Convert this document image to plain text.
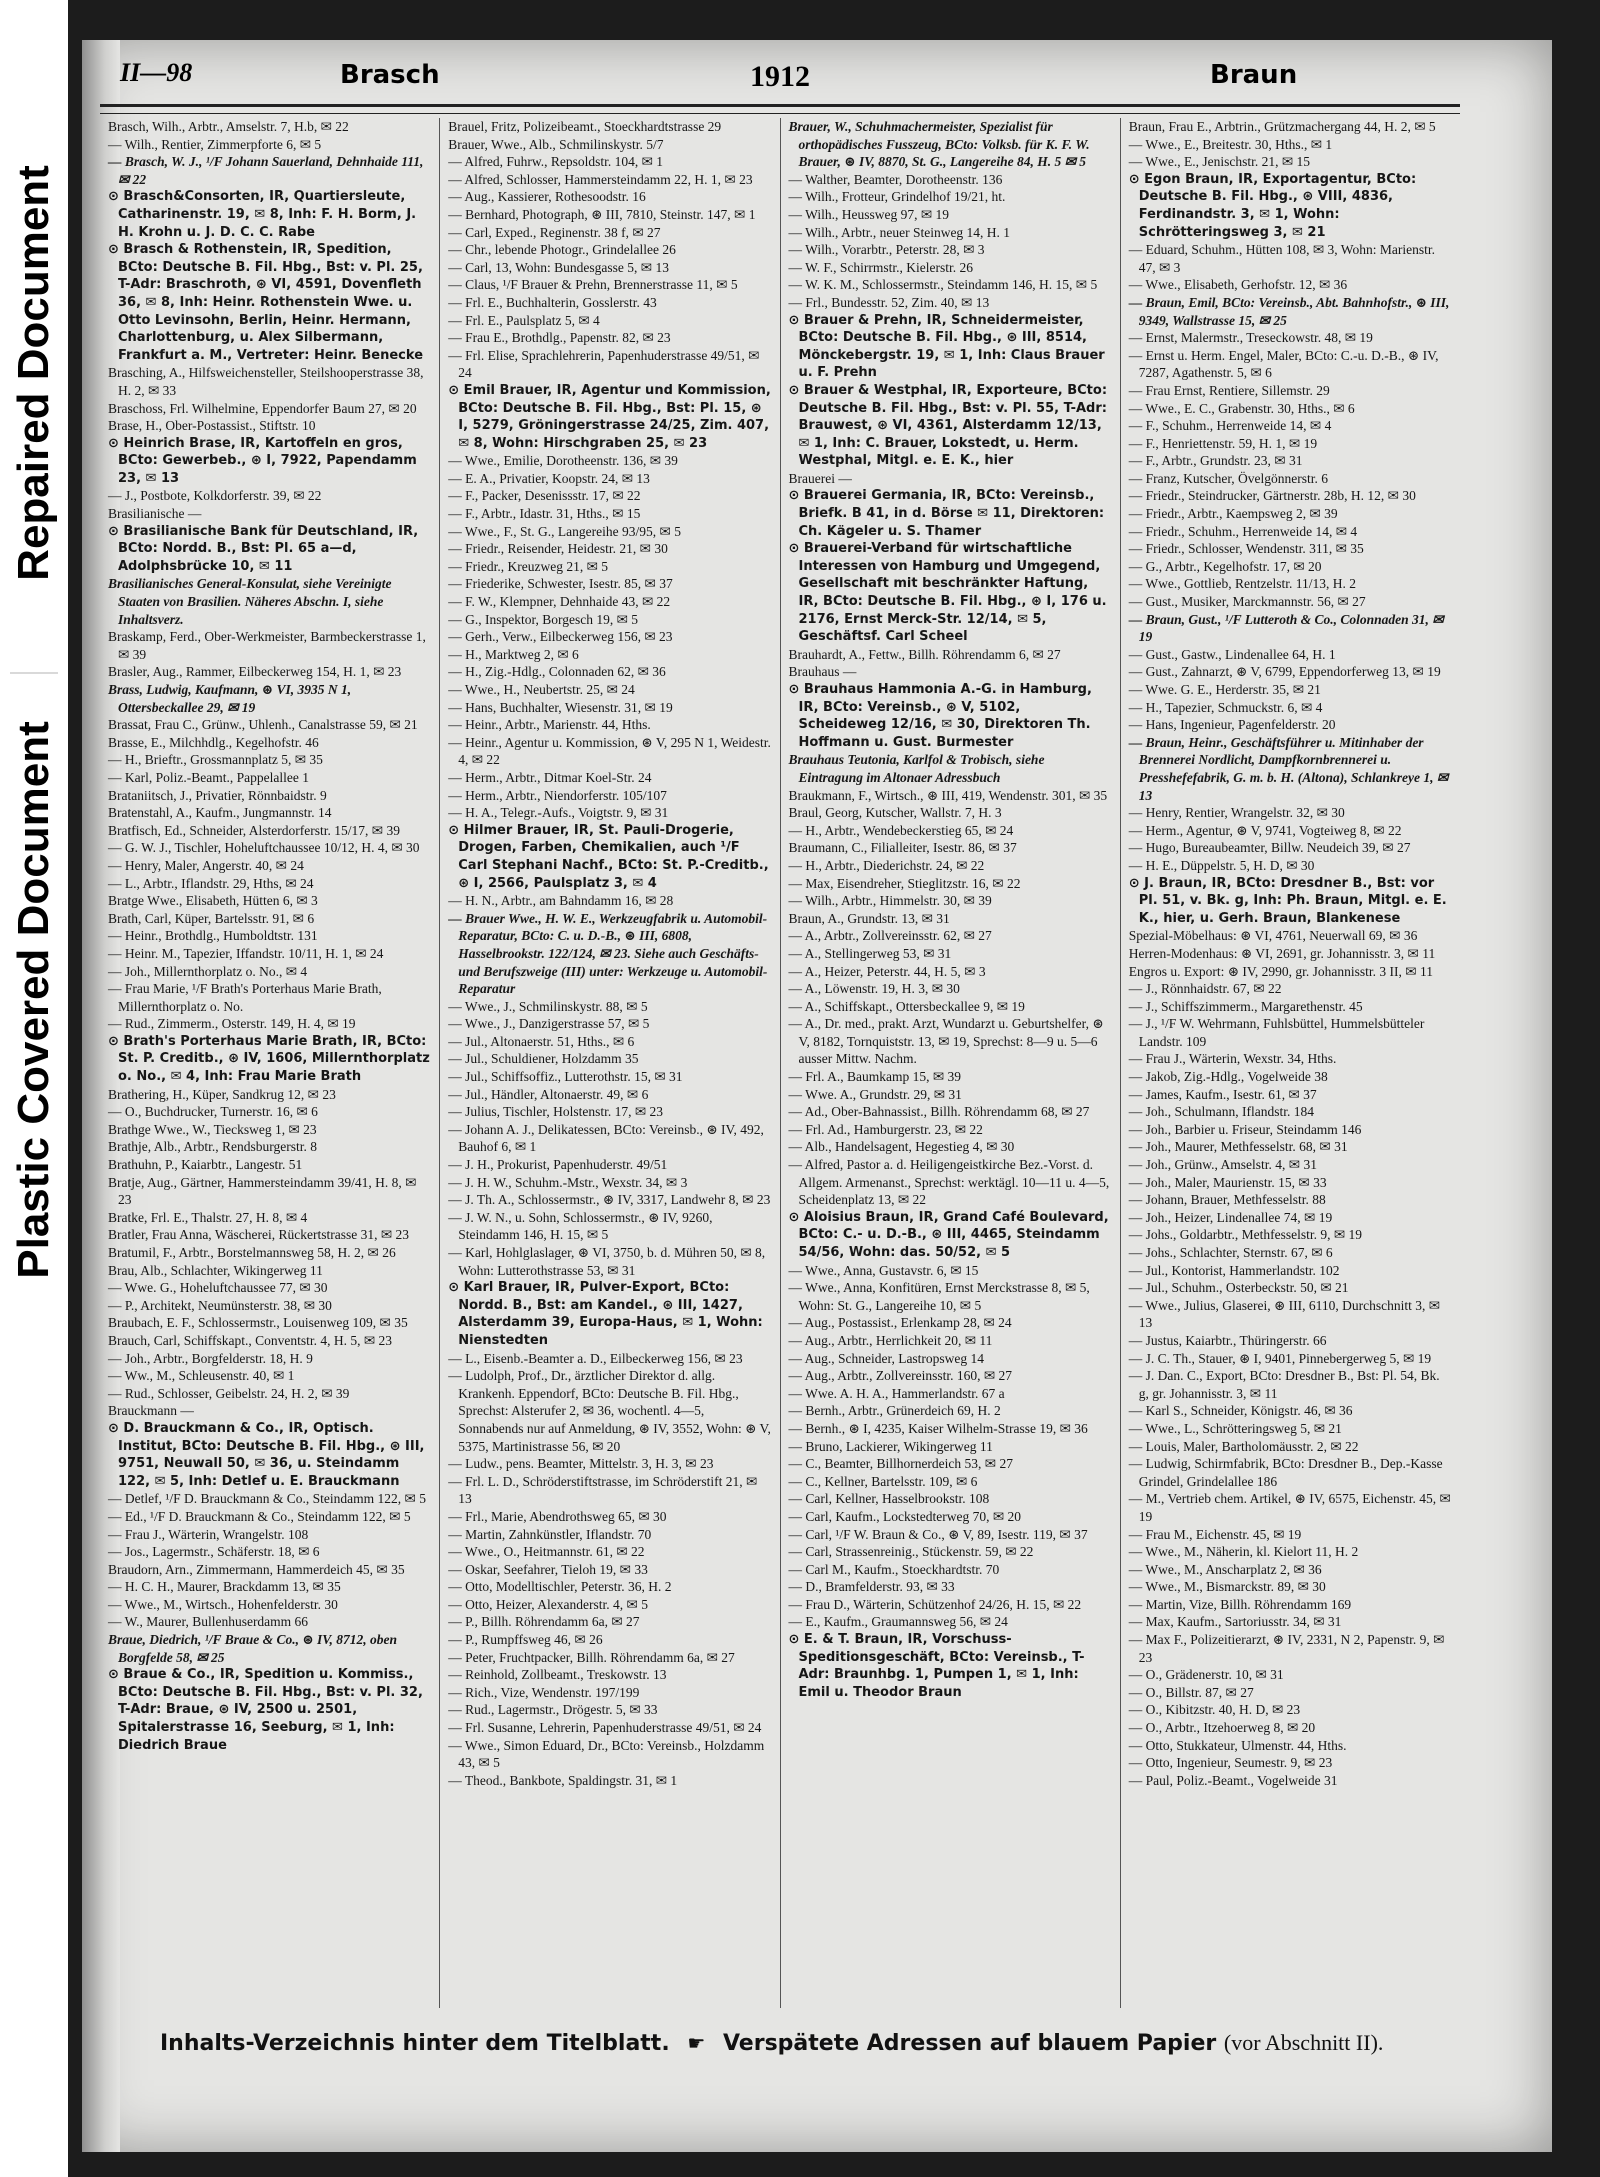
Repaired Document
Plastic Covered Document
II—98	Brasch	1912	Braun

Brasch, Wilh., Arbtr., Amselstr. 7, H.b, ✉ 22

— Wilh., Rentier, Zimmerpforte 6, ✉ 5

— Brasch, W. J., ¹/F Johann Sauerland, Dehnhaide 111, ✉ 22

⊙ Brasch&Consorten, IR, Quartiersleute, Catharinenstr. 19, ✉ 8, Inh: F. H. Borm, J. H. Krohn u. J. D. C. C. Rabe

⊙ Brasch & Rothenstein, IR, Spedition, BCto: Deutsche B. Fil. Hbg., Bst: v. Pl. 25, T-Adr: Braschroth, ⊛ VI, 4591, Dovenfleth 36, ✉ 8, Inh: Heinr. Rothenstein Wwe. u. Otto Levinsohn, Berlin, Heinr. Hermann, Charlottenburg, u. Alex Silbermann, Frankfurt a. M., Vertreter: Heinr. Benecke

Brasching, A., Hilfsweichensteller, Steilshooperstrasse 38, H. 2, ✉ 33

Braschoss, Frl. Wilhelmine, Eppendorfer Baum 27, ✉ 20

Brase, H., Ober-Postassist., Stiftstr. 10

⊙ Heinrich Brase, IR, Kartoffeln en gros, BCto: Gewerbeb., ⊛ I, 7922, Papendamm 23, ✉ 13

— J., Postbote, Kolkdorferstr. 39, ✉ 22

Brasilianische —

⊙ Brasilianische Bank für Deutschland, IR, BCto: Nordd. B., Bst: Pl. 65 a—d, Adolphsbrücke 10, ✉ 11

Brasilianisches General-Konsulat, siehe Vereinigte Staaten von Brasilien. Näheres Abschn. I, siehe Inhaltsverz.

Braskamp, Ferd., Ober-Werkmeister, Barmbeckerstrasse 1, ✉ 39

Brasler, Aug., Rammer, Eilbeckerweg 154, H. 1, ✉ 23

Brass, Ludwig, Kaufmann, ⊛ VI, 3935 N 1, Ottersbeckallee 29, ✉ 19

Brassat, Frau C., Grünw., Uhlenh., Canalstrasse 59, ✉ 21

Brasse, E., Milchhdlg., Kegelhofstr. 46

— H., Brieftr., Grossmannplatz 5, ✉ 35

— Karl, Poliz.-Beamt., Pappelallee 1

Brataniitsch, J., Privatier, Rönnbaidstr. 9

Bratenstahl, A., Kaufm., Jungmannstr. 14

Bratfisch, Ed., Schneider, Alsterdorferstr. 15/17, ✉ 39

— G. W. J., Tischler, Hoheluftchaussee 10/12, H. 4, ✉ 30

— Henry, Maler, Angerstr. 40, ✉ 24

— L., Arbtr., Iflandstr. 29, Hths, ✉ 24

Bratge Wwe., Elisabeth, Hütten 6, ✉ 3

Brath, Carl, Küper, Bartelsstr. 91, ✉ 6

— Heinr., Brothdlg., Humboldtstr. 131

— Heinr. M., Tapezier, Iffandstr. 10/11, H. 1, ✉ 24

— Joh., Millernthorplatz o. No., ✉ 4

— Frau Marie, ¹/F Brath's Porterhaus Marie Brath, Millernthorplatz o. No.

— Rud., Zimmerm., Osterstr. 149, H. 4, ✉ 19

⊙ Brath's Porterhaus Marie Brath, IR, BCto: St. P. Creditb., ⊛ IV, 1606, Millernthorplatz o. No., ✉ 4, Inh: Frau Marie Brath

Brathering, H., Küper, Sandkrug 12, ✉ 23

— O., Buchdrucker, Turnerstr. 16, ✉ 6

Brathge Wwe., W., Tiecksweg 1, ✉ 23

Brathje, Alb., Arbtr., Rendsburgerstr. 8

Brathuhn, P., Kaiarbtr., Langestr. 51

Bratje, Aug., Gärtner, Hammersteindamm 39/41, H. 8, ✉ 23

Bratke, Frl. E., Thalstr. 27, H. 8, ✉ 4

Bratler, Frau Anna, Wäscherei, Rückertstrasse 31, ✉ 23

Bratumil, F., Arbtr., Borstelmannsweg 58, H. 2, ✉ 26

Brau, Alb., Schlachter, Wikingerweg 11

— Wwe. G., Hoheluftchaussee 77, ✉ 30

— P., Architekt, Neumünsterstr. 38, ✉ 30

Braubach, E. F., Schlossermstr., Louisenweg 109, ✉ 35

Brauch, Carl, Schiffskapt., Conventstr. 4, H. 5, ✉ 23

— Joh., Arbtr., Borgfelderstr. 18, H. 9

— Ww., M., Schleusenstr. 40, ✉ 1

— Rud., Schlosser, Geibelstr. 24, H. 2, ✉ 39

Brauckmann —

⊙ D. Brauckmann & Co., IR, Optisch. Institut, BCto: Deutsche B. Fil. Hbg., ⊛ III, 9751, Neuwall 50, ✉ 36, u. Steindamm 122, ✉ 5, Inh: Detlef u. E. Brauckmann

— Detlef, ¹/F D. Brauckmann & Co., Steindamm 122, ✉ 5

— Ed., ¹/F D. Brauckmann & Co., Steindamm 122, ✉ 5

— Frau J., Wärterin, Wrangelstr. 108

— Jos., Lagermstr., Schäferstr. 18, ✉ 6

Braudorn, Arn., Zimmermann, Hammerdeich 45, ✉ 35

— H. C. H., Maurer, Brackdamm 13, ✉ 35

— Wwe., M., Wirtsch., Hohenfelderstr. 30

— W., Maurer, Bullenhuserdamm 66

Braue, Diedrich, ¹/F Braue & Co., ⊛ IV, 8712, oben Borgfelde 58, ✉ 25

⊙ Braue & Co., IR, Spedition u. Kommiss., BCto: Deutsche B. Fil. Hbg., Bst: v. Pl. 32, T-Adr: Braue, ⊛ IV, 2500 u. 2501, Spitalerstrasse 16, Seeburg, ✉ 1, Inh: Diedrich Braue

Brauel, Fritz, Polizeibeamt., Stoeckhardtstrasse 29

Brauer, Wwe., Alb., Schmilinskystr. 5/7

— Alfred, Fuhrw., Repsoldstr. 104, ✉ 1

— Alfred, Schlosser, Hammersteindamm 22, H. 1, ✉ 23

— Aug., Kassierer, Rothesoodstr. 16

— Bernhard, Photograph, ⊛ III, 7810, Steinstr. 147, ✉ 1

— Carl, Exped., Reginenstr. 38 f, ✉ 27

— Chr., lebende Photogr., Grindelallee 26

— Carl, 13, Wohn: Bundesgasse 5, ✉ 13

— Claus, ¹/F Brauer & Prehn, Brennerstrasse 11, ✉ 5

— Frl. E., Buchhalterin, Gosslerstr. 43

— Frl. E., Paulsplatz 5, ✉ 4

— Frau E., Brothdlg., Papenstr. 82, ✉ 23

— Frl. Elise, Sprachlehrerin, Papenhuderstrasse 49/51, ✉ 24

⊙ Emil Brauer, IR, Agentur und Kommission, BCto: Deutsche B. Fil. Hbg., Bst: Pl. 15, ⊛ I, 5279, Gröningerstrasse 24/25, Zim. 407, ✉ 8, Wohn: Hirschgraben 25, ✉ 23

— Wwe., Emilie, Dorotheenstr. 136, ✉ 39

— E. A., Privatier, Koopstr. 24, ✉ 13

— F., Packer, Desenissstr. 17, ✉ 22

— F., Arbtr., Idastr. 31, Hths., ✉ 15

— Wwe., F., St. G., Langereihe 93/95, ✉ 5

— Friedr., Reisender, Heidestr. 21, ✉ 30

— Friedr., Kreuzweg 21, ✉ 5

— Friederike, Schwester, Isestr. 85, ✉ 37

— F. W., Klempner, Dehnhaide 43, ✉ 22

— G., Inspektor, Borgesch 19, ✉ 5

— Gerh., Verw., Eilbeckerweg 156, ✉ 23

— H., Marktweg 2, ✉ 6

— H., Zig.-Hdlg., Colonnaden 62, ✉ 36

— Wwe., H., Neubertstr. 25, ✉ 24

— Hans, Buchhalter, Wiesenstr. 31, ✉ 19

— Heinr., Arbtr., Marienstr. 44, Hths.

— Heinr., Agentur u. Kommission, ⊛ V, 295 N 1, Weidestr. 4, ✉ 22

— Herm., Arbtr., Ditmar Koel-Str. 24

— Herm., Arbtr., Niendorferstr. 105/107

— H. A., Telegr.-Aufs., Voigtstr. 9, ✉ 31

⊙ Hilmer Brauer, IR, St. Pauli-Drogerie, Drogen, Farben, Chemikalien, auch ¹/F Carl Stephani Nachf., BCto: St. P.-Creditb., ⊛ I, 2566, Paulsplatz 3, ✉ 4

— H. N., Arbtr., am Bahndamm 16, ✉ 28

— Brauer Wwe., H. W. E., Werkzeugfabrik u. Automobil-Reparatur, BCto: C. u. D.-B., ⊛ III, 6808, Hasselbrookstr. 122/124, ✉ 23. Siehe auch Geschäfts- und Berufszweige (III) unter: Werkzeuge u. Automobil-Reparatur

— Wwe., J., Schmilinskystr. 88, ✉ 5

— Wwe., J., Danzigerstrasse 57, ✉ 5

— Jul., Altonaerstr. 51, Hths., ✉ 6

— Jul., Schuldiener, Holzdamm 35

— Jul., Schiffsoffiz., Lutterothstr. 15, ✉ 31

— Jul., Händler, Altonaerstr. 49, ✉ 6

— Julius, Tischler, Holstenstr. 17, ✉ 23

— Johann A. J., Delikatessen, BCto: Vereinsb., ⊛ IV, 492, Bauhof 6, ✉ 1

— J. H., Prokurist, Papenhuderstr. 49/51

— J. H. W., Schuhm.-Mstr., Wexstr. 34, ✉ 3

— J. Th. A., Schlossermstr., ⊛ IV, 3317, Landwehr 8, ✉ 23

— J. W. N., u. Sohn, Schlossermstr., ⊛ IV, 9260, Steindamm 146, H. 15, ✉ 5

— Karl, Hohlglaslager, ⊛ VI, 3750, b. d. Mühren 50, ✉ 8, Wohn: Lutterothstrasse 53, ✉ 31

⊙ Karl Brauer, IR, Pulver-Export, BCto: Nordd. B., Bst: am Kandel., ⊛ III, 1427, Alsterdamm 39, Europa-Haus, ✉ 1, Wohn: Nienstedten

— L., Eisenb.-Beamter a. D., Eilbeckerweg 156, ✉ 23

— Ludolph, Prof., Dr., ärztlicher Direktor d. allg. Krankenh. Eppendorf, BCto: Deutsche B. Fil. Hbg., Sprechst: Alsterufer 2, ✉ 36, wochentl. 4—5, Sonnabends nur auf Anmeldung, ⊛ IV, 3552, Wohn: ⊛ V, 5375, Martinistrasse 56, ✉ 20

— Ludw., pens. Beamter, Mittelstr. 3, H. 3, ✉ 23

— Frl. L. D., Schröderstiftstrasse, im Schröderstift 21, ✉ 13

— Frl., Marie, Abendrothsweg 65, ✉ 30

— Martin, Zahnkünstler, Iflandstr. 70

— Wwe., O., Heitmannstr. 61, ✉ 22

— Oskar, Seefahrer, Tieloh 19, ✉ 33

— Otto, Modelltischler, Peterstr. 36, H. 2

— Otto, Heizer, Alexanderstr. 4, ✉ 5

— P., Billh. Röhrendamm 6a, ✉ 27

— P., Rumpffsweg 46, ✉ 26

— Peter, Fruchtpacker, Billh. Röhrendamm 6a, ✉ 27

— Reinhold, Zollbeamt., Treskowstr. 13

— Rich., Vize, Wendenstr. 197/199

— Rud., Lagermstr., Drögestr. 5, ✉ 33

— Frl. Susanne, Lehrerin, Papenhuderstrasse 49/51, ✉ 24

— Wwe., Simon Eduard, Dr., BCto: Vereinsb., Holzdamm 43, ✉ 5

— Theod., Bankbote, Spaldingstr. 31, ✉ 1

Brauer, W., Schuhmachermeister, Spezialist für orthopädisches Fusszeug, BCto: Volksb. für K. F. W. Brauer, ⊛ IV, 8870, St. G., Langereihe 84, H. 5 ✉ 5

— Walther, Beamter, Dorotheenstr. 136

— Wilh., Frotteur, Grindelhof 19/21, ht.

— Wilh., Heussweg 97, ✉ 19

— Wilh., Arbtr., neuer Steinweg 14, H. 1

— Wilh., Vorarbtr., Peterstr. 28, ✉ 3

— W. F., Schirrmstr., Kielerstr. 26

— W. K. M., Schlossermstr., Steindamm 146, H. 15, ✉ 5

— Frl., Bundesstr. 52, Zim. 40, ✉ 13

⊙ Brauer & Prehn, IR, Schneidermeister, BCto: Deutsche B. Fil. Hbg., ⊛ III, 8514, Mönckebergstr. 19, ✉ 1, Inh: Claus Brauer u. F. Prehn

⊙ Brauer & Westphal, IR, Exporteure, BCto: Deutsche B. Fil. Hbg., Bst: v. Pl. 55, T-Adr: Brauwest, ⊛ VI, 4361, Alsterdamm 12/13, ✉ 1, Inh: C. Brauer, Lokstedt, u. Herm. Westphal, Mitgl. e. E. K., hier

Brauerei —

⊙ Brauerei Germania, IR, BCto: Vereinsb., Briefk. B 41, in d. Börse ✉ 11, Direktoren: Ch. Kägeler u. S. Thamer

⊙ Brauerei-Verband für wirtschaftliche Interessen von Hamburg und Umgegend, Gesellschaft mit beschränkter Haftung, IR, BCto: Deutsche B. Fil. Hbg., ⊛ I, 176 u. 2176, Ernst Merck-Str. 12/14, ✉ 5, Geschäftsf. Carl Scheel

Brauhardt, A., Fettw., Billh. Röhrendamm 6, ✉ 27

Brauhaus —

⊙ Brauhaus Hammonia A.-G. in Hamburg, IR, BCto: Vereinsb., ⊛ V, 5102, Scheideweg 12/16, ✉ 30, Direktoren Th. Hoffmann u. Gust. Burmester

Brauhaus Teutonia, Karlfol & Trobisch, siehe Eintragung im Altonaer Adressbuch

Braukmann, F., Wirtsch., ⊛ III, 419, Wendenstr. 301, ✉ 35

Braul, Georg, Kutscher, Wallstr. 7, H. 3

— H., Arbtr., Wendebeckerstieg 65, ✉ 24

Braumann, C., Filialleiter, Isestr. 86, ✉ 37

— H., Arbtr., Diederichstr. 24, ✉ 22

— Max, Eisendreher, Stieglitzstr. 16, ✉ 22

— Wilh., Arbtr., Himmelstr. 30, ✉ 39

Braun, A., Grundstr. 13, ✉ 31

— A., Arbtr., Zollvereinsstr. 62, ✉ 27

— A., Stellingerweg 53, ✉ 31

— A., Heizer, Peterstr. 44, H. 5, ✉ 3

— A., Löwenstr. 19, H. 3, ✉ 30

— A., Schiffskapt., Ottersbeckallee 9, ✉ 19

— A., Dr. med., prakt. Arzt, Wundarzt u. Geburtshelfer, ⊛ V, 8182, Tornquiststr. 13, ✉ 19, Sprechst: 8—9 u. 5—6 ausser Mittw. Nachm.

— Frl. A., Baumkamp 15, ✉ 39

— Wwe. A., Grundstr. 29, ✉ 31

— Ad., Ober-Bahnassist., Billh. Röhrendamm 68, ✉ 27

— Frl. Ad., Hamburgerstr. 23, ✉ 22

— Alb., Handelsagent, Hegestieg 4, ✉ 30

— Alfred, Pastor a. d. Heiligengeistkirche Bez.-Vorst. d. Allgem. Armenanst., Sprechst: werktägl. 10—11 u. 4—5, Scheidenplatz 13, ✉ 22

⊙ Aloisius Braun, IR, Grand Café Boulevard, BCto: C.- u. D.-B., ⊛ III, 4465, Steindamm 54/56, Wohn: das. 50/52, ✉ 5

— Wwe., Anna, Gustavstr. 6, ✉ 15

— Wwe., Anna, Konfitüren, Ernst Merckstrasse 8, ✉ 5, Wohn: St. G., Langereihe 10, ✉ 5

— Aug., Postassist., Erlenkamp 28, ✉ 24

— Aug., Arbtr., Herrlichkeit 20, ✉ 11

— Aug., Schneider, Lastropsweg 14

— Aug., Arbtr., Zollvereinsstr. 160, ✉ 27

— Wwe. A. H. A., Hammerlandstr. 67 a

— Bernh., Arbtr., Grünerdeich 69, H. 2

— Bernh., ⊛ I, 4235, Kaiser Wilhelm-Strasse 19, ✉ 36

— Bruno, Lackierer, Wikingerweg 11

— C., Beamter, Billhornerdeich 53, ✉ 27

— C., Kellner, Bartelsstr. 109, ✉ 6

— Carl, Kellner, Hasselbrookstr. 108

— Carl, Kaufm., Lockstedterweg 70, ✉ 20

— Carl, ¹/F W. Braun & Co., ⊛ V, 89, Isestr. 119, ✉ 37

— Carl, Strassenreinig., Stückenstr. 59, ✉ 22

— Carl M., Kaufm., Stoeckhardtstr. 70

— D., Bramfelderstr. 93, ✉ 33

— Frau D., Wärterin, Schützenhof 24/26, H. 15, ✉ 22

— E., Kaufm., Graumannsweg 56, ✉ 24

⊙ E. & T. Braun, IR, Vorschuss-Speditionsgeschäft, BCto: Vereinsb., T-Adr: Braunhbg. 1, Pumpen 1, ✉ 1, Inh: Emil u. Theodor Braun

Braun, Frau E., Arbtrin., Grützmachergang 44, H. 2, ✉ 5

— Wwe., E., Breitestr. 30, Hths., ✉ 1

— Wwe., E., Jenischstr. 21, ✉ 15

⊙ Egon Braun, IR, Exportagentur, BCto: Deutsche B. Fil. Hbg., ⊛ VIII, 4836, Ferdinandstr. 3, ✉ 1, Wohn: Schrötteringsweg 3, ✉ 21

— Eduard, Schuhm., Hütten 108, ✉ 3, Wohn: Marienstr. 47, ✉ 3

— Wwe., Elisabeth, Gerhofstr. 12, ✉ 36

— Braun, Emil, BCto: Vereinsb., Abt. Bahnhofstr., ⊛ III, 9349, Wallstrasse 15, ✉ 25

— Ernst, Malermstr., Treseckowstr. 48, ✉ 19

— Ernst u. Herm. Engel, Maler, BCto: C.-u. D.-B., ⊛ IV, 7287, Agathenstr. 5, ✉ 6

— Frau Ernst, Rentiere, Sillemstr. 29

— Wwe., E. C., Grabenstr. 30, Hths., ✉ 6

— F., Schuhm., Herrenweide 14, ✉ 4

— F., Henriettenstr. 59, H. 1, ✉ 19

— F., Arbtr., Grundstr. 23, ✉ 31

— Franz, Kutscher, Övelgönnerstr. 6

— Friedr., Steindrucker, Gärtnerstr. 28b, H. 12, ✉ 30

— Friedr., Arbtr., Kaempsweg 2, ✉ 39

— Friedr., Schuhm., Herrenweide 14, ✉ 4

— Friedr., Schlosser, Wendenstr. 311, ✉ 35

— G., Arbtr., Kegelhofstr. 17, ✉ 20

— Wwe., Gottlieb, Rentzelstr. 11/13, H. 2

— Gust., Musiker, Marckmannstr. 56, ✉ 27

— Braun, Gust., ¹/F Lutteroth & Co., Colonnaden 31, ✉ 19

— Gust., Gastw., Lindenallee 64, H. 1

— Gust., Zahnarzt, ⊛ V, 6799, Eppendorferweg 13, ✉ 19

— Wwe. G. E., Herderstr. 35, ✉ 21

— H., Tapezier, Schmuckstr. 6, ✉ 4

— Hans, Ingenieur, Pagenfelderstr. 20

— Braun, Heinr., Geschäftsführer u. Mitinhaber der Brennerei Nordlicht, Dampfkornbrennerei u. Presshefefabrik, G. m. b. H. (Altona), Schlankreye 1, ✉ 13

— Henry, Rentier, Wrangelstr. 32, ✉ 30

— Herm., Agentur, ⊛ V, 9741, Vogteiweg 8, ✉ 22

— Hugo, Bureaubeamter, Billw. Neudeich 39, ✉ 27

— H. E., Düppelstr. 5, H. D, ✉ 30

⊙ J. Braun, IR, BCto: Dresdner B., Bst: vor Pl. 51, v. Bk. g, Inh: Ph. Braun, Mitgl. e. E. K., hier, u. Gerh. Braun, Blankenese

Spezial-Möbelhaus: ⊛ VI, 4761, Neuerwall 69, ✉ 36

Herren-Modenhaus: ⊛ VI, 2691, gr. Johannisstr. 3, ✉ 11

Engros u. Export: ⊛ IV, 2990, gr. Johannisstr. 3 II, ✉ 11

— J., Rönnhaidstr. 67, ✉ 22

— J., Schiffszimmerm., Margarethenstr. 45

— J., ¹/F W. Wehrmann, Fuhlsbüttel, Hummelsbütteler Landstr. 109

— Frau J., Wärterin, Wexstr. 34, Hths.

— Jakob, Zig.-Hdlg., Vogelweide 38

— James, Kaufm., Isestr. 61, ✉ 37

— Joh., Schulmann, Iflandstr. 184

— Joh., Barbier u. Friseur, Steindamm 146

— Joh., Maurer, Methfesselstr. 68, ✉ 31

— Joh., Grünw., Amselstr. 4, ✉ 31

— Joh., Maler, Maurienstr. 15, ✉ 33

— Johann, Brauer, Methfesselstr. 88

— Joh., Heizer, Lindenallee 74, ✉ 19

— Johs., Goldarbtr., Methfesselstr. 9, ✉ 19

— Johs., Schlachter, Sternstr. 67, ✉ 6

— Jul., Kontorist, Hammerlandstr. 102

— Jul., Schuhm., Osterbeckstr. 50, ✉ 21

— Wwe., Julius, Glaserei, ⊛ III, 6110, Durchschnitt 3, ✉ 13

— Justus, Kaiarbtr., Thüringerstr. 66

— J. C. Th., Stauer, ⊛ I, 9401, Pinnebergerweg 5, ✉ 19

— J. Dan. C., Export, BCto: Dresdner B., Bst: Pl. 54, Bk. g, gr. Johannisstr. 3, ✉ 11

— Karl S., Schneider, Königstr. 46, ✉ 36

— Wwe., L., Schrötteringsweg 5, ✉ 21

— Louis, Maler, Bartholomäusstr. 2, ✉ 22

— Ludwig, Schirmfabrik, BCto: Dresdner B., Dep.-Kasse Grindel, Grindelallee 186

— M., Vertrieb chem. Artikel, ⊛ IV, 6575, Eichenstr. 45, ✉ 19

— Frau M., Eichenstr. 45, ✉ 19

— Wwe., M., Näherin, kl. Kielort 11, H. 2

— Wwe., M., Anscharplatz 2, ✉ 36

— Wwe., M., Bismarckstr. 89, ✉ 30

— Martin, Vize, Billh. Röhrendamm 169

— Max, Kaufm., Sartoriusstr. 34, ✉ 31

— Max F., Polizeitierarzt, ⊛ IV, 2331, N 2, Papenstr. 9, ✉ 23

— O., Grädenerstr. 10, ✉ 31

— O., Billstr. 87, ✉ 27

— O., Kibitzstr. 40, H. D, ✉ 23

— O., Arbtr., Itzehoerweg 8, ✉ 20

— Otto, Stukkateur, Ulmenstr. 44, Hths.

— Otto, Ingenieur, Seumestr. 9, ✉ 23

— Paul, Poliz.-Beamt., Vogelweide 31

Inhalts-Verzeichnis hinter dem Titelblatt. ☛ Verspätete Adressen auf blauem Papier (vor Abschnitt II).
